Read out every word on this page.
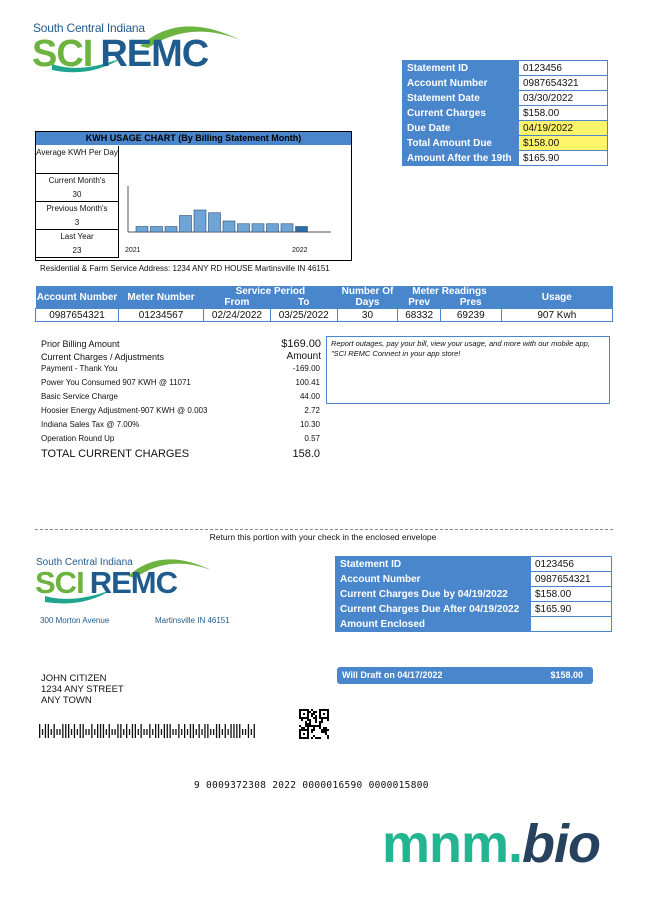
South Central Indiana
SCI REMC	Statement ID	0123456
Account Number	0987654321
Statement Date	03/30/2022
Current Charges	$158.00
Due Date	04/19/2022
Total Amount Due	$158.00
Amount After the 19th	$165.90
KWH USAGE CHART (By Billing Statement Month)
Average KWH Per Day
Current Month's
30
Previous Month's
3
Last Year
23	2021	2022
Residential & Farm Service Address: 1234 ANY RD HOUSE Martinsville IN 46151
Account Number	Meter Number	Service Period		Number Of Days	Meter Readings		Usage
		From	To		Prev	Pres	
0987654321	01234567	02/24/2022	03/25/2022	30	68332	69239	907 Kwh
Prior Billing Amount	$169.00
Current Charges / Adjustments	Amount
Payment - Thank You	-169.00
Power You Consumed 907 KWH @ 11071	100.41
Basic Service Charge	44.00
Hoosier Energy Adjustment-907 KWH @ 0.003	2.72
Indiana Sales Tax @ 7.00%	10.30
Operation Round Up	0.57
TOTAL CURRENT CHARGES	158.0
Report outages, pay your bill, view your usage, and more with our mobile app, "SCI REMC Connect in your app store!
Return this portion with your check in the enclosed envelope
South Central Indiana
SCI REMC
300 Morton Avenue	Martinsville IN 46151
Statement ID	0123456
Account Number	0987654321
Current Charges Due by 04/19/2022	$158.00
Current Charges Due After 04/19/2022	$165.90
Amount Enclosed	
Will Draft on 04/17/2022	$158.00
JOHN CITIZEN
1234 ANY STREET
ANY TOWN
9 0009372308 2022 0000016590 0000015800
mnm.bio
